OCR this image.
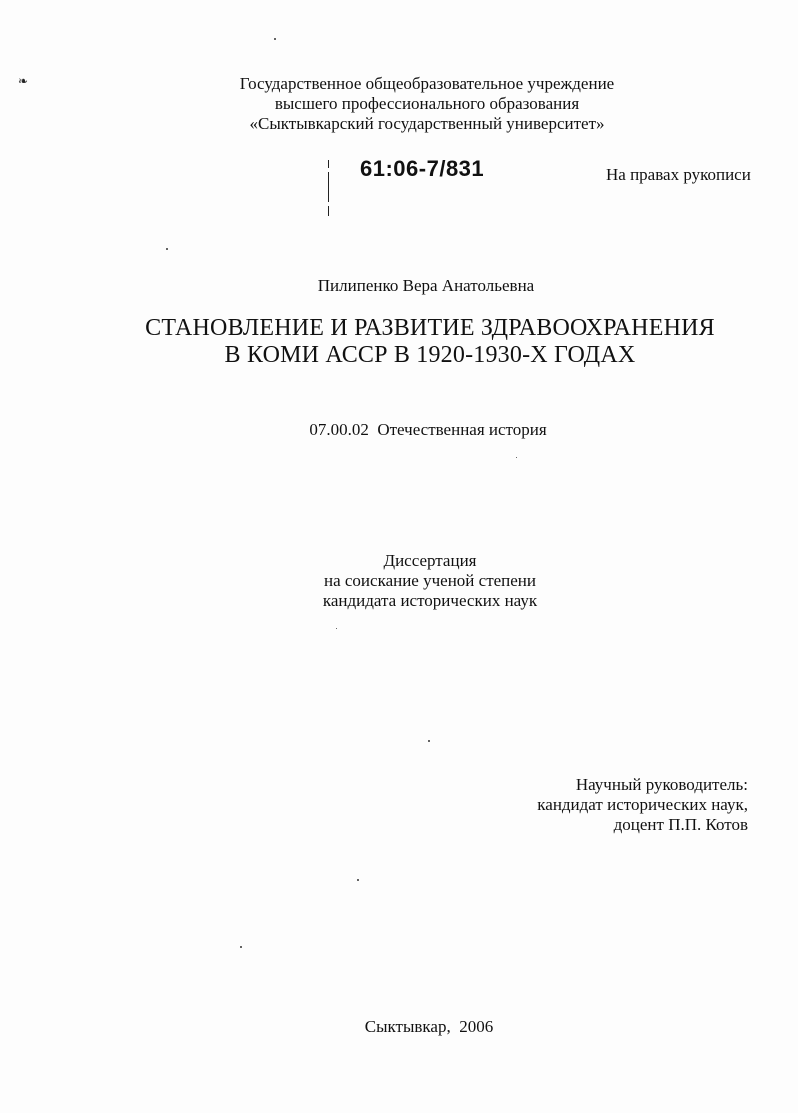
❧	Государственное общеобразовательное учреждение
высшего профессионального образования
«Сыктывкарский государственный университет»
61:06-7/831	На правах рукописи
Пилипенко Вера Анатольевна
СТАНОВЛЕНИЕ И РАЗВИТИЕ ЗДРАВООХРАНЕНИЯ
В КОМИ АССР В 1920-1930-Х ГОДАХ
07.00.02  Отечественная история
Диссертация
на соискание ученой степени
кандидата исторических наук
Научный руководитель:
кандидат исторических наук,
доцент П.П. Котов
Сыктывкар,  2006
